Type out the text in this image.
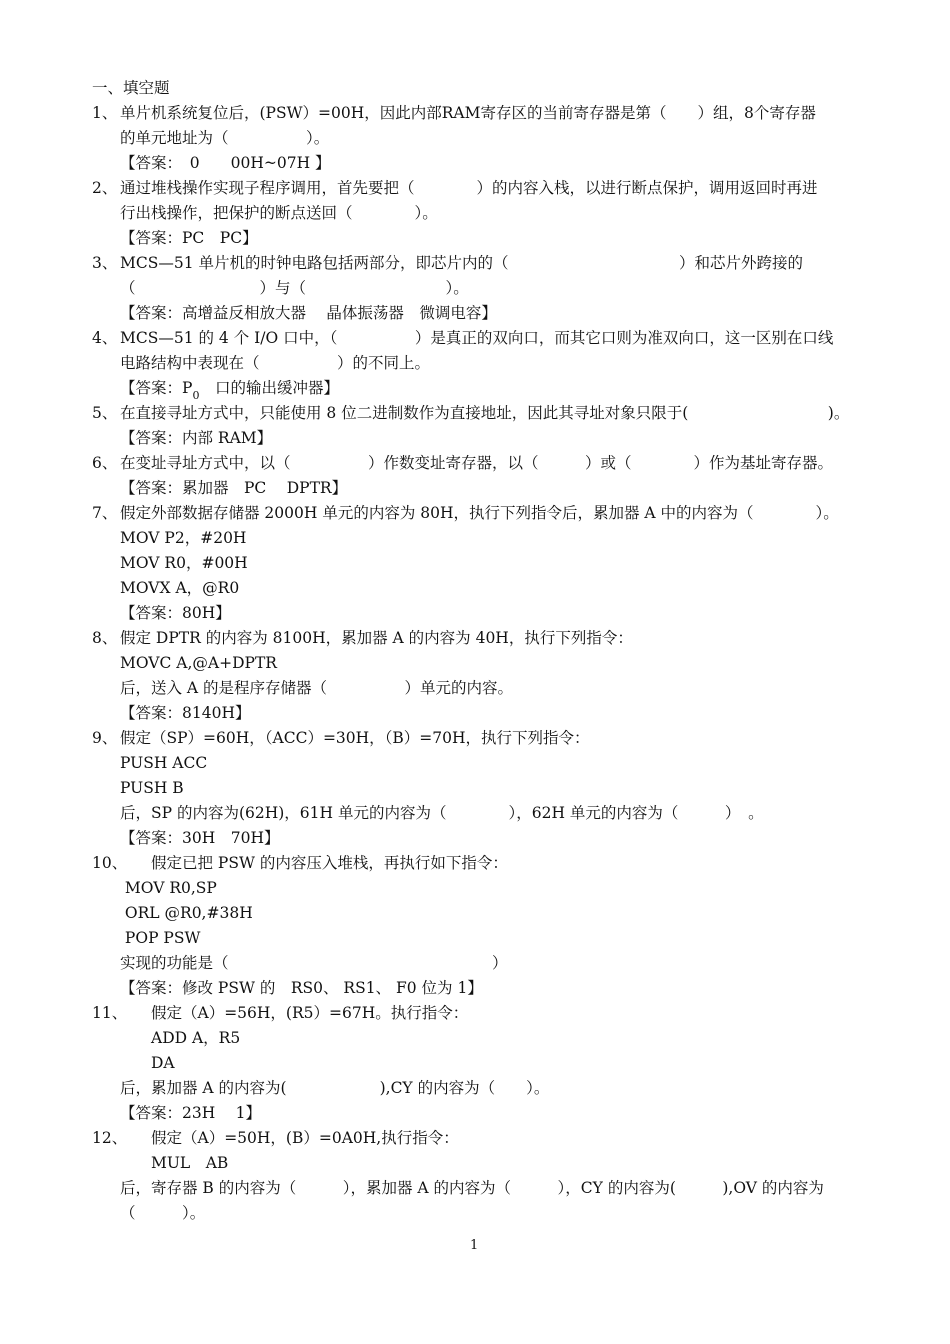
一、填空题
1、 单片机系统复位后，(PSW）=00H，因此内部RAM寄存区的当前寄存器是第（　　）组，8个寄存器
的单元地址为（　　　　　）。
【答案：　0　　00H~07H 】
2、 通过堆栈操作实现子程序调用，首先要把（　　　　）的内容入栈，以进行断点保护，调用返回时再进
行出栈操作，把保护的断点送回（　　　　）。
【答案：PC　PC】
3、 MCS—51 单片机的时钟电路包括两部分，即芯片内的（　　　　　　　　　　　）和芯片外跨接的
（　　　　　　　　）与（　　　　　　　　　）。
【答案：高增益反相放大器　 晶体振荡器　微调电容】
4、 MCS—51 的 4 个 I/O 口中，（　　　　　）是真正的双向口，而其它口则为准双向口，这一区别在口线
电路结构中表现在（　　　　　）的不同上。
【答案：$P_0$　口的输出缓冲器】
5、 在直接寻址方式中，只能使用 8 位二进制数作为直接地址，因此其寻址对象只限于(　　　　　　　　　)。
【答案：内部 RAM】
6、 在变址寻址方式中，以（　　　　　）作数变址寄存器，以（　　　）或（　　　　）作为基址寄存器。
【答案：累加器　PC　 DPTR】
7、 假定外部数据存储器 2000H 单元的内容为 80H，执行下列指令后，累加器 A 中的内容为（　　　　）。
MOV P2，#20H
MOV R0，#00H
MOVX A，@R0
【答案：80H】
8、 假定 DPTR 的内容为 8100H，累加器 A 的内容为 40H，执行下列指令：
MOVC A,@A+DPTR
后，送入 A 的是程序存储器（　　　　　）单元的内容。
【答案：8140H】
9、 假定（SP）=60H，（ACC）=30H，（B）=70H，执行下列指令：
PUSH ACC
PUSH B
后，SP 的内容为(62H)，61H 单元的内容为（　　　　），62H 单元的内容为（　　　）　。
【答案：30H　70H】
10、
　　假定已把 PSW 的内容压入堆栈，再执行如下指令：
MOV R0,SP
ORL @R0,#38H
POP PSW
实现的功能是（　　　　　　　　　　　　　　　　　）
【答案：修改 PSW 的　RS0、 RS1、 F0 位为 1】
11、
　　假定（A）=56H，(R5）=67H。执行指令：
　　ADD A，R5
　　DA
后，累加器 A 的内容为(　　　　　　),CY 的内容为（　　）。
【答案：23H　 1】
12、
　　假定（A）=50H，(B）=0A0H,执行指令：
　　MUL　AB
后，寄存器 B 的内容为（　　　），累加器 A 的内容为（　　　），CY 的内容为(　　　),OV 的内容为
（　　　）。
1
